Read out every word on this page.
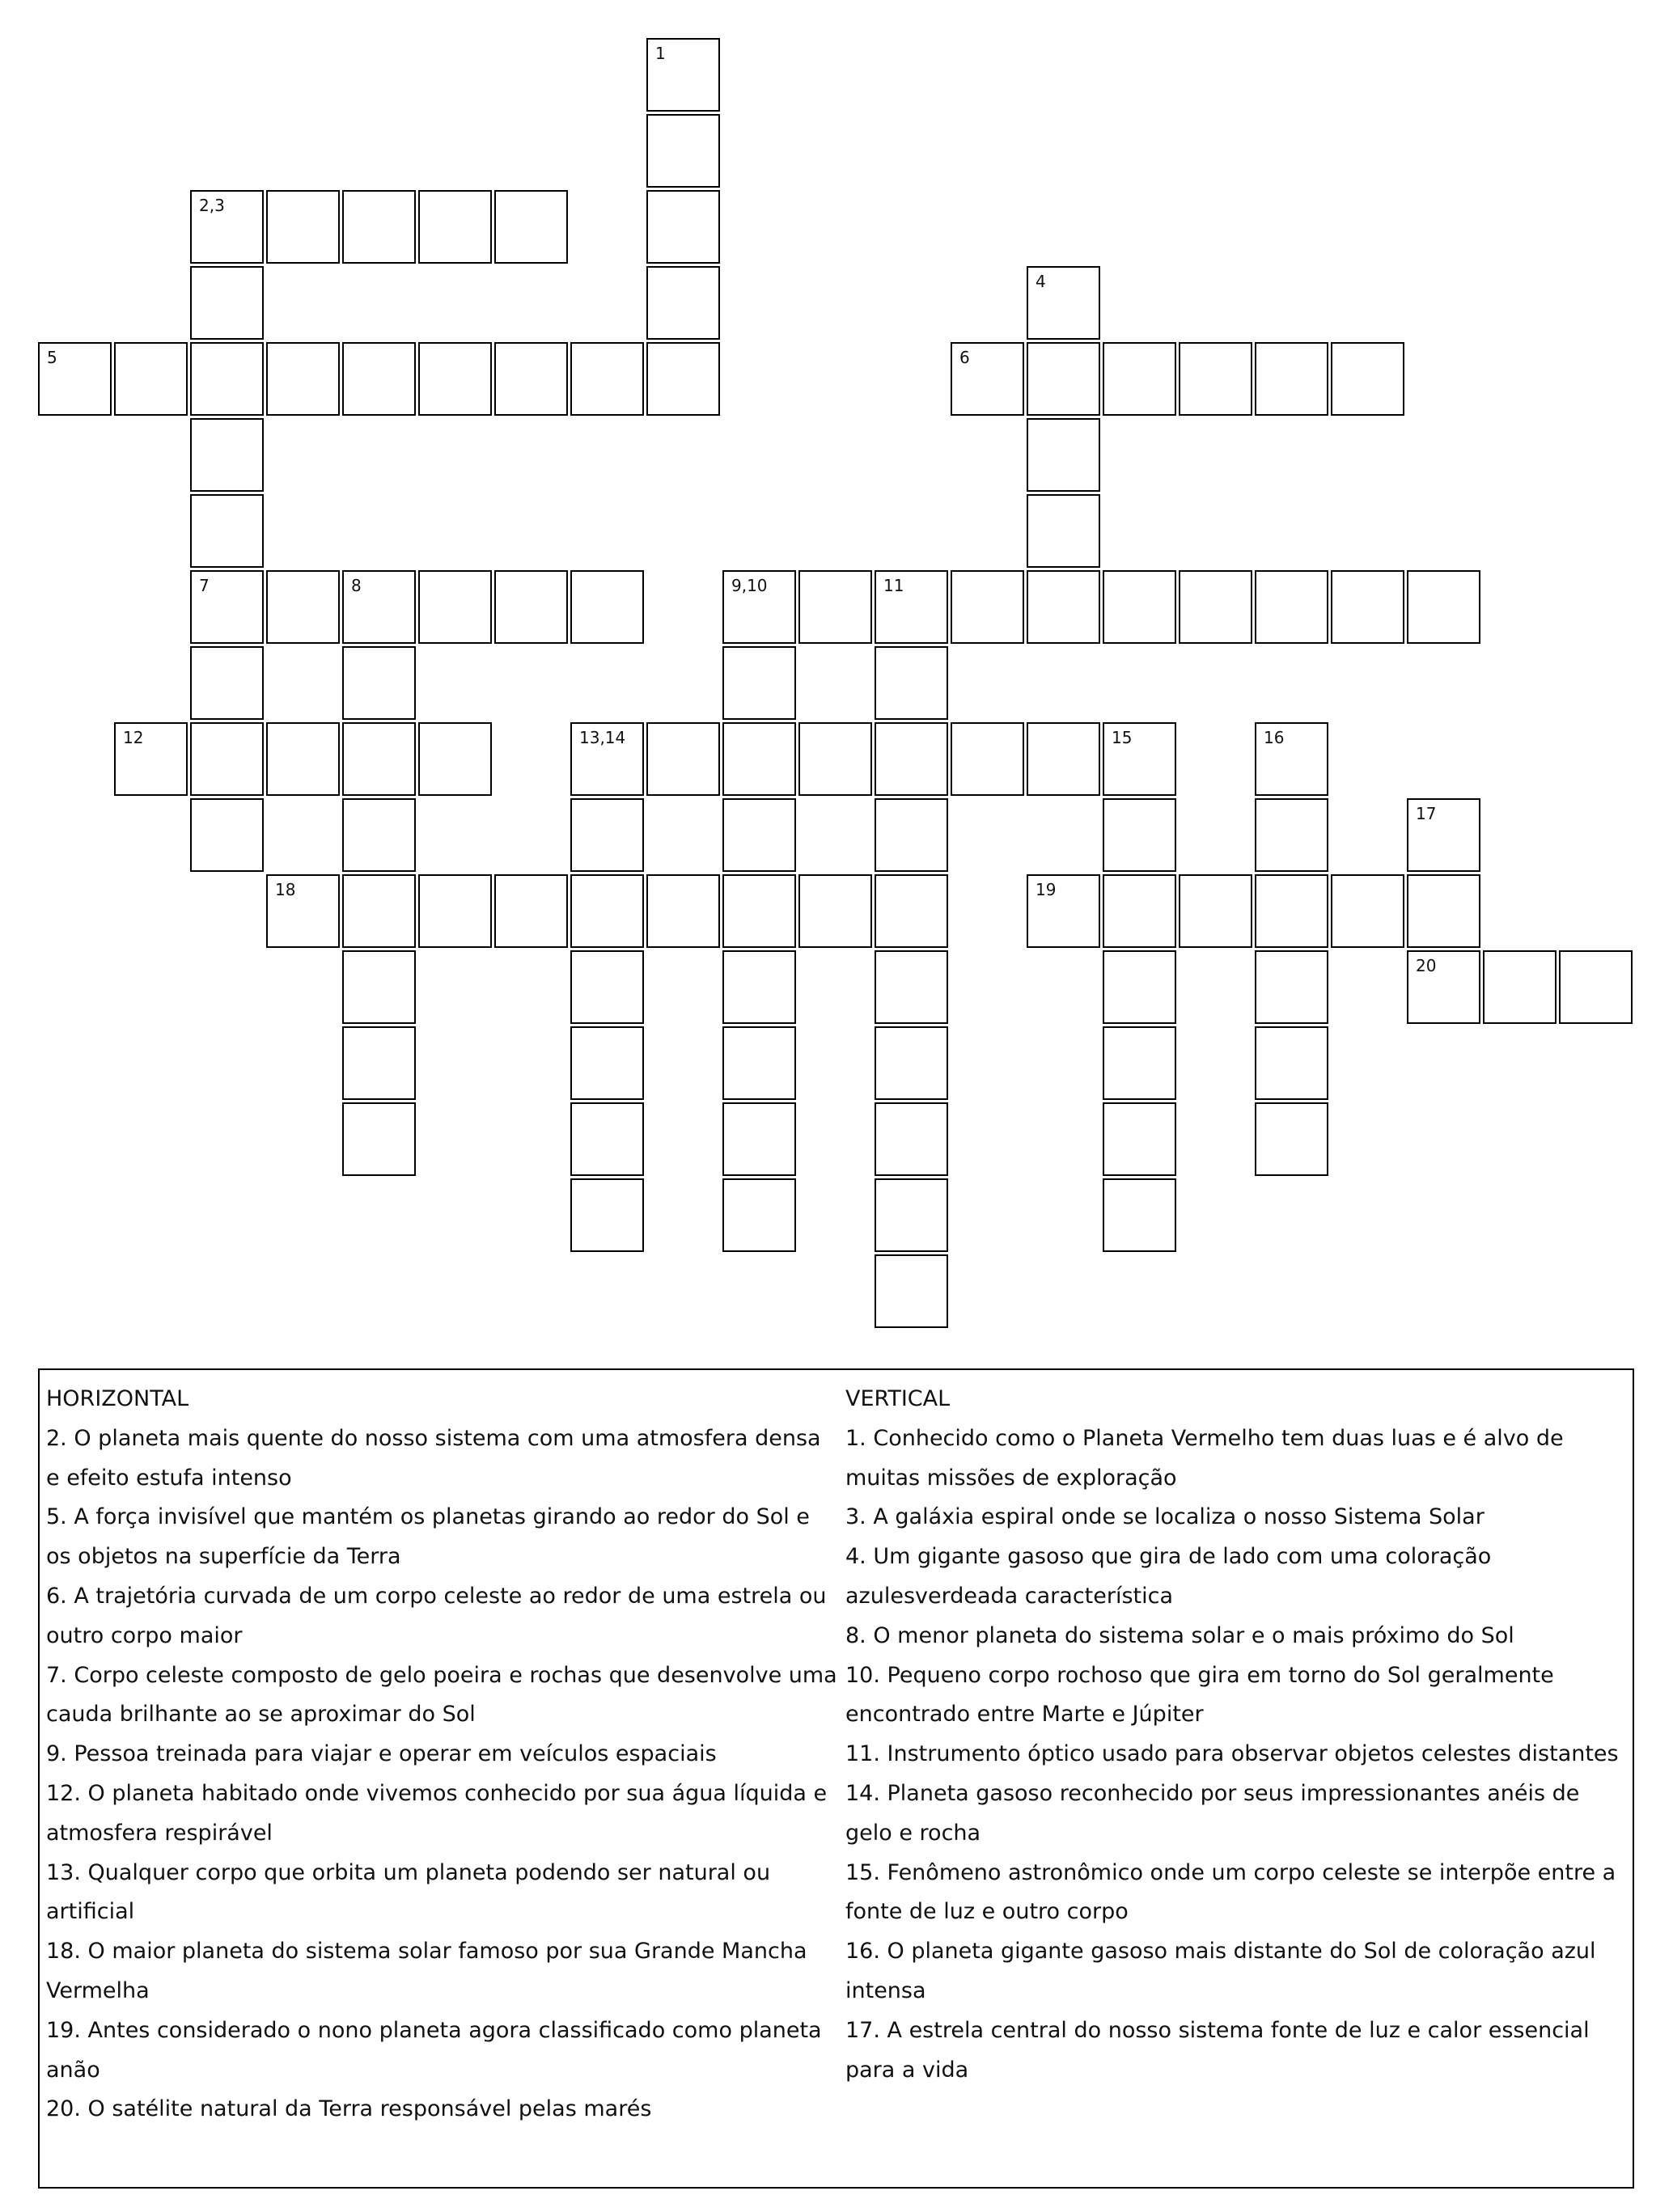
1
2,3
4
5	6
7	8	9,10	11
12	13,14	15	16
17
18	19
20

HORIZONTAL

2. O planeta mais quente do nosso sistema com uma atmosfera densa e efeito estufa intenso

5. A força invisível que mantém os planetas girando ao redor do Sol e os objetos na superfície da Terra

6. A trajetória curvada de um corpo celeste ao redor de uma estrela ou outro corpo maior

7. Corpo celeste composto de gelo poeira e rochas que desenvolve uma cauda brilhante ao se aproximar do Sol

9. Pessoa treinada para viajar e operar em veículos espaciais

12. O planeta habitado onde vivemos conhecido por sua água líquida e atmosfera respirável

13. Qualquer corpo que orbita um planeta podendo ser natural ou artificial

18. O maior planeta do sistema solar famoso por sua Grande Mancha Vermelha

19. Antes considerado o nono planeta agora classificado como planeta anão

20. O satélite natural da Terra responsável pelas marés

VERTICAL

1. Conhecido como o Planeta Vermelho tem duas luas e é alvo de muitas missões de exploração

3. A galáxia espiral onde se localiza o nosso Sistema Solar

4. Um gigante gasoso que gira de lado com uma coloração azulesverdeada característica

8. O menor planeta do sistema solar e o mais próximo do Sol

10. Pequeno corpo rochoso que gira em torno do Sol geralmente encontrado entre Marte e Júpiter

11. Instrumento óptico usado para observar objetos celestes distantes

14. Planeta gasoso reconhecido por seus impressionantes anéis de gelo e rocha

15. Fenômeno astronômico onde um corpo celeste se interpõe entre a fonte de luz e outro corpo

16. O planeta gigante gasoso mais distante do Sol de coloração azul intensa

17. A estrela central do nosso sistema fonte de luz e calor essencial para a vida
